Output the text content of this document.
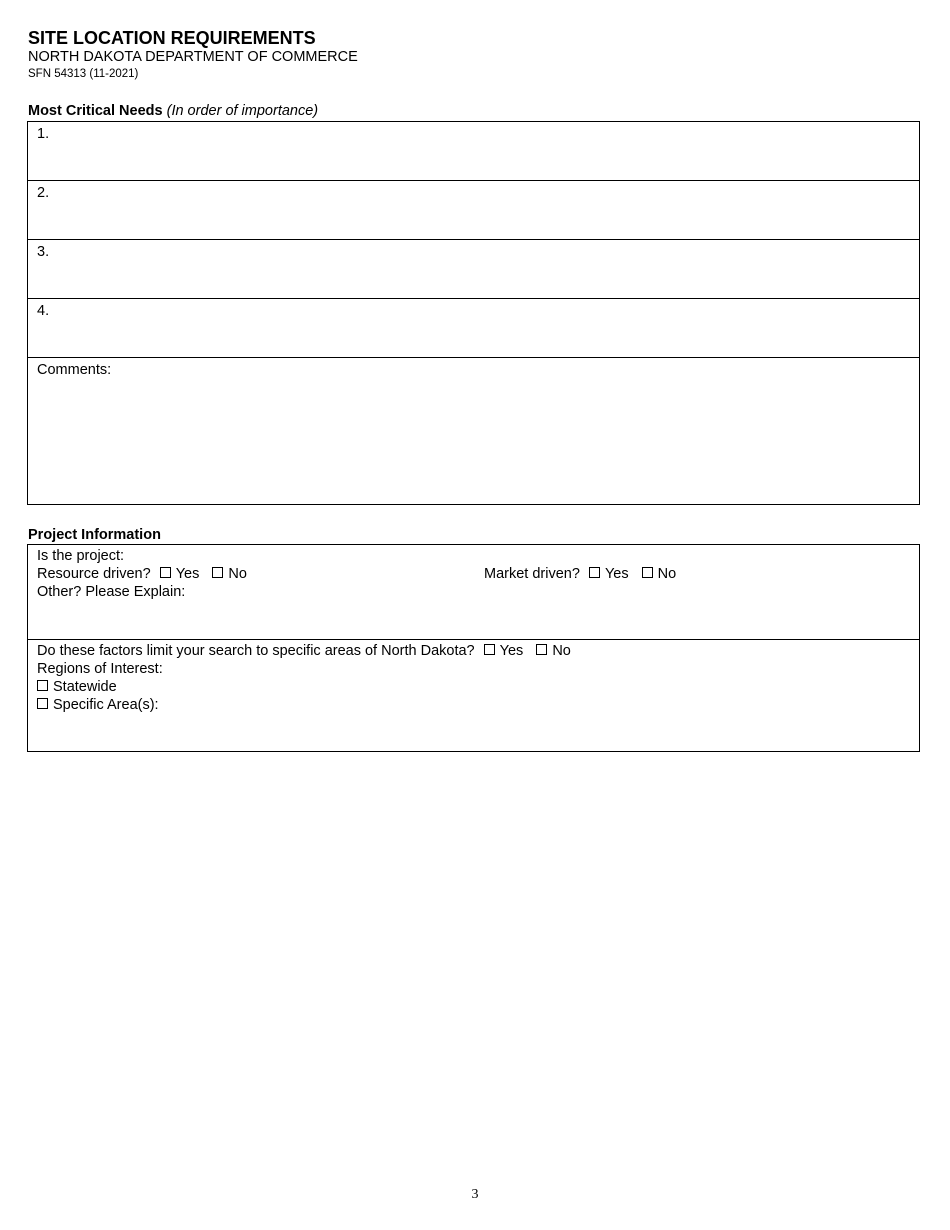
SITE LOCATION REQUIREMENTS
NORTH DAKOTA DEPARTMENT OF COMMERCE
SFN 54313 (11-2021)
Most Critical Needs (In order of importance)
1.
2.
3.
4.
Comments:
Project Information
Is the project:
Resource driven? Yes No	Market driven? Yes No
Other? Please Explain:
Do these factors limit your search to specific areas of North Dakota? Yes No
Regions of Interest:
Statewide
Specific Area(s):
3
